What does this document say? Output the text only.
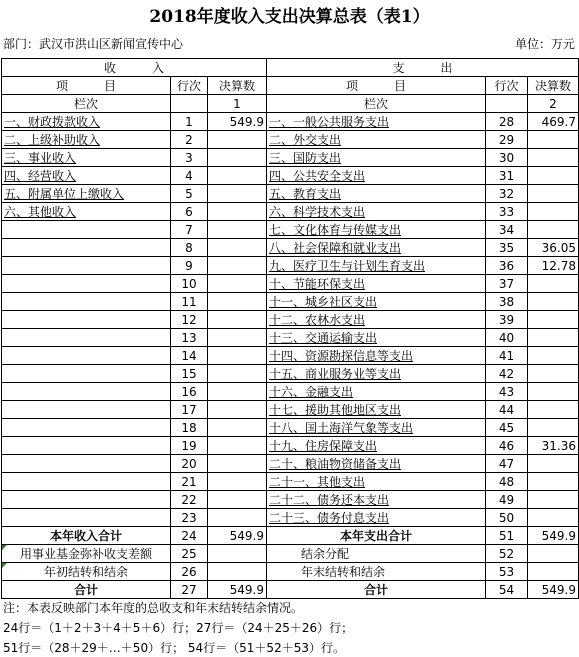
2018年度收入支出决算总表（表1）
部门：武汉市洪山区新闻宣传中心	单位：万元
收　　　入			支　　　出		
项　　　目	行次	决算数	项　　　目	行次	决算数
栏次		1	栏次		2
一、财政拨款收入	1	549.9	一、一般公共服务支出	28	469.7
二、上级补助收入	2		二、外交支出	29	
三、事业收入	3		三、国防支出	30	
四、经营收入	4		四、公共安全支出	31	
五、附属单位上缴收入	5		五、教育支出	32	
六、其他收入	6		六、科学技术支出	33	
	7		七、文化体育与传媒支出	34	
	8		八、社会保障和就业支出	35	36.05
	9		九、医疗卫生与计划生育支出	36	12.78
	10		十、节能环保支出	37	
	11		十一、城乡社区支出	38	
	12		十二、农林水支出	39	
	13		十三、交通运输支出	40	
	14		十四、资源勘探信息等支出	41	
	15		十五、商业服务业等支出	42	
	16		十六、金融支出	43	
	17		十七、援助其他地区支出	44	
	18		十八、国土海洋气象等支出	45	
	19		十九、住房保障支出	46	31.36
	20		二十、粮油物资储备支出	47	
	21		二十一、其他支出	48	
	22		二十二、债务还本支出	49	
	23		二十三、债务付息支出	50	
本年收入合计	24	549.9	本年支出合计	51	549.9
用事业基金弥补收支差额	25		结余分配	52	
年初结转和结余	26		年末结转和结余	53	
合计	27	549.9	合计	54	549.9
注：本表反映部门本年度的总收支和年末结转结余情况。
24行＝（1＋2＋3＋4＋5＋6）行；27行＝（24＋25＋26）行；
51行＝（28＋29＋…＋50）行； 54行＝（51＋52＋53）行。
